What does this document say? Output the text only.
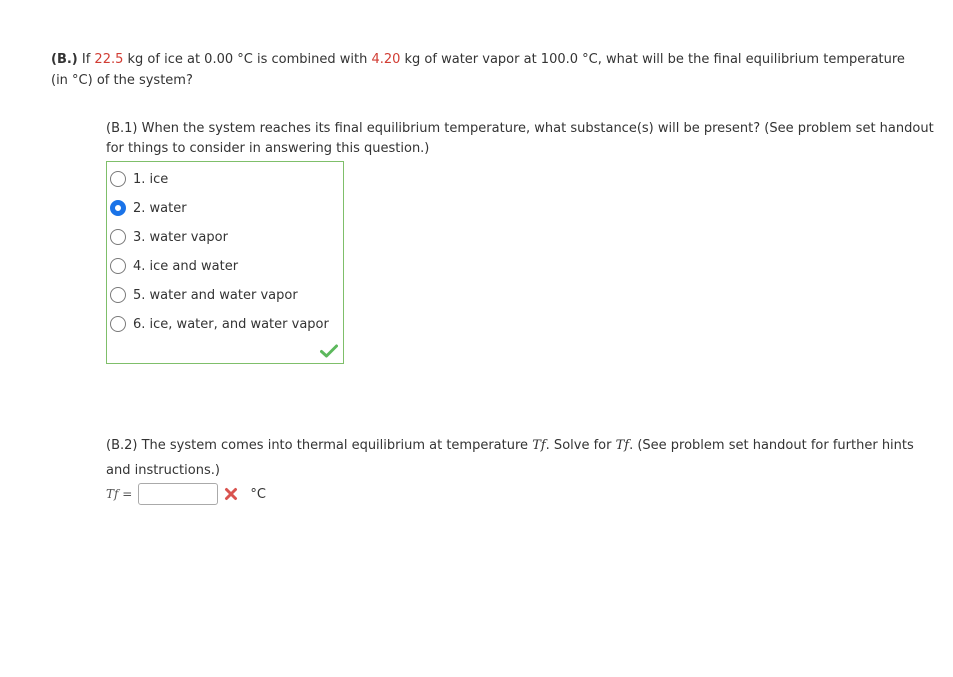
(B.) If 22.5 kg of ice at 0.00 °C is combined with 4.20 kg of water vapor at 100.0 °C, what will be the final equilibrium temperature (in °C) of the system?
(B.1) When the system reaches its final equilibrium temperature, what substance(s) will be present? (See problem set handout for things to consider in answering this question.)
1. ice
2. water
3. water vapor
4. ice and water
5. water and water vapor
6. ice, water, and water vapor
(B.2) The system comes into thermal equilibrium at temperature Tf. Solve for Tf. (See problem set handout for further hints and instructions.)
Tf =	°C
